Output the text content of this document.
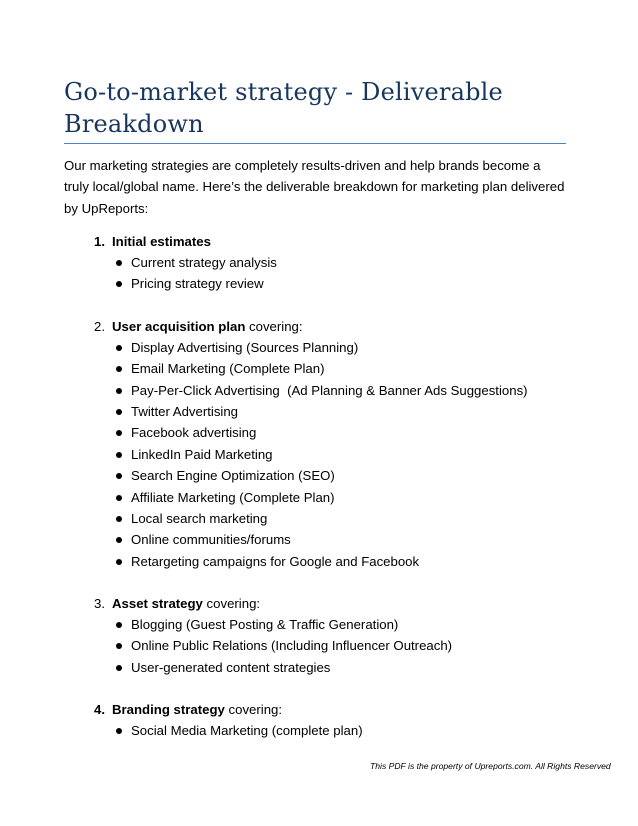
Go-to-market strategy - Deliverable Breakdown
Our marketing strategies are completely results-driven and help brands become a truly local/global name. Here’s the deliverable breakdown for marketing plan delivered by UpReports:
1. Initial estimates
Current strategy analysis
Pricing strategy review
2. User acquisition plan covering:
Display Advertising (Sources Planning)
Email Marketing (Complete Plan)
Pay-Per-Click Advertising  (Ad Planning & Banner Ads Suggestions)
Twitter Advertising
Facebook advertising
LinkedIn Paid Marketing
Search Engine Optimization (SEO)
Affiliate Marketing (Complete Plan)
Local search marketing
Online communities/forums
Retargeting campaigns for Google and Facebook
3. Asset strategy covering:
Blogging (Guest Posting & Traffic Generation)
Online Public Relations (Including Influencer Outreach)
User-generated content strategies
4. Branding strategy covering:
Social Media Marketing (complete plan)
This PDF is the property of Upreports.com. All Rights Reserved
